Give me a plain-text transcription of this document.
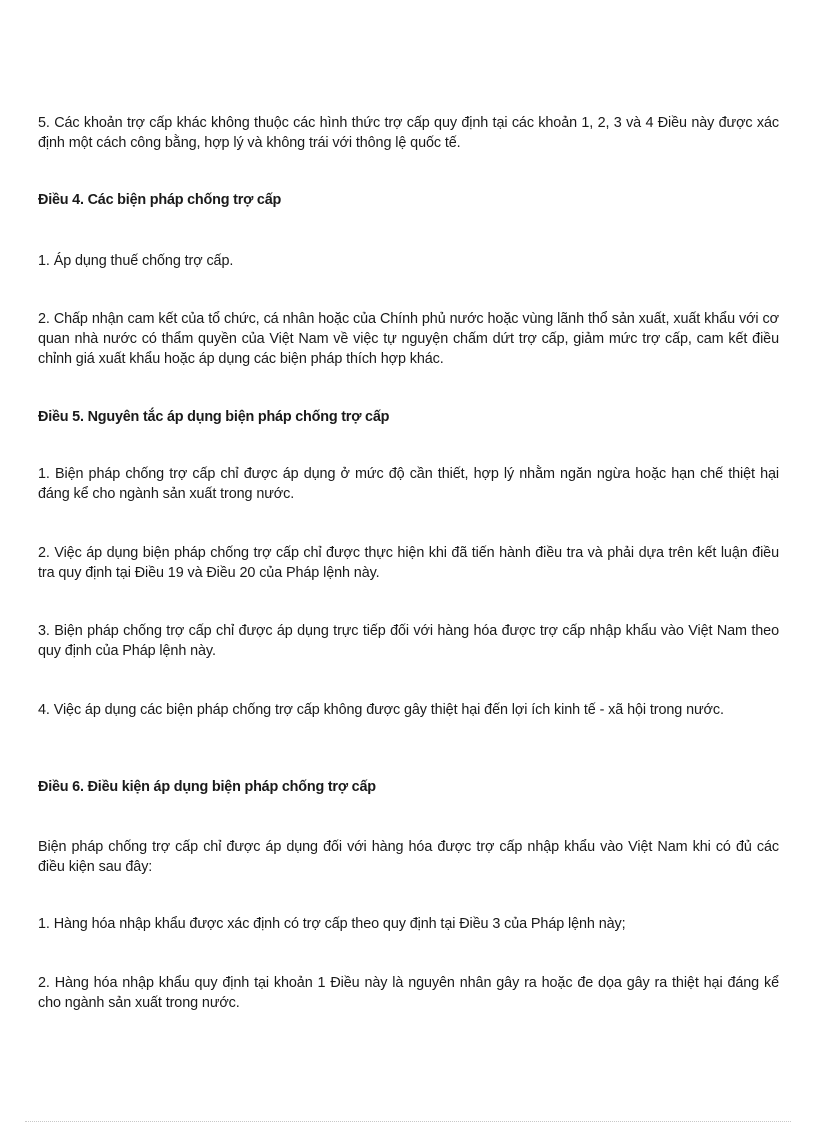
5. Các khoản trợ cấp khác không thuộc các hình thức trợ cấp quy định tại các khoản 1, 2, 3 và 4 Điều này được xác định một cách công bằng, hợp lý và không trái với thông lệ quốc tế.

Điều 4. Các biện pháp chống trợ cấp

1. Áp dụng thuế chống trợ cấp.

2. Chấp nhận cam kết của tổ chức, cá nhân hoặc của Chính phủ nước hoặc vùng lãnh thổ sản xuất, xuất khẩu với cơ quan nhà nước có thẩm quyền của Việt Nam về việc tự nguyện chấm dứt trợ cấp, giảm mức trợ cấp, cam kết điều chỉnh giá xuất khẩu hoặc áp dụng các biện pháp thích hợp khác.

Điều 5. Nguyên tắc áp dụng biện pháp chống trợ cấp

1. Biện pháp chống trợ cấp chỉ được áp dụng ở mức độ cần thiết, hợp lý nhằm ngăn ngừa hoặc hạn chế thiệt hại đáng kể cho ngành sản xuất trong nước.

2. Việc áp dụng biện pháp chống trợ cấp chỉ được thực hiện khi đã tiến hành điều tra và phải dựa trên kết luận điều tra quy định tại Điều 19 và Điều 20 của Pháp lệnh này.

3. Biện pháp chống trợ cấp chỉ được áp dụng trực tiếp đối với hàng hóa được trợ cấp nhập khẩu vào Việt Nam theo quy định của Pháp lệnh này.

4. Việc áp dụng các biện pháp chống trợ cấp không được gây thiệt hại đến lợi ích kinh tế - xã hội trong nước.

Điều 6. Điều kiện áp dụng biện pháp chống trợ cấp

Biện pháp chống trợ cấp chỉ được áp dụng đối với hàng hóa được trợ cấp nhập khẩu vào Việt Nam khi có đủ các điều kiện sau đây:

1. Hàng hóa nhập khẩu được xác định có trợ cấp theo quy định tại Điều 3 của Pháp lệnh này;

2. Hàng hóa nhập khẩu quy định tại khoản 1 Điều này là nguyên nhân gây ra hoặc đe dọa gây ra thiệt hại đáng kể cho ngành sản xuất trong nước.
